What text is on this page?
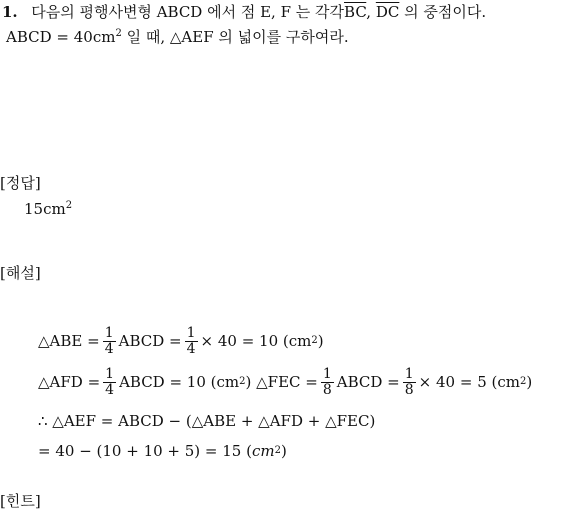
1. 다음의 평행사변형 ABCD 에서 점 E, F 는 각각$\overline{BC}$, $\overline{DC}$ 의 중점이다.
ABCD = $40cm^2$ 일 때, △AEF 의 넓이를 구하여라.
[정답]
$15cm^2$
[해설]
△ABE = $\frac{1}{4}$ ABCD = $\frac{1}{4} \times 40 = 10$ (cm 2 )
△AFD = $\frac{1}{4}$ ABCD = 10 (cm 2 ) △FEC = $\frac{1}{8}$ ABCD = $\frac{1}{8} \times 40 = 5$ (cm 2 )
∴ △AEF = ABCD − (△ABE + △AFD + △FEC)
= 40 − (10 + 10 + 5) = 15 ( cm 2 )
[힌트]
